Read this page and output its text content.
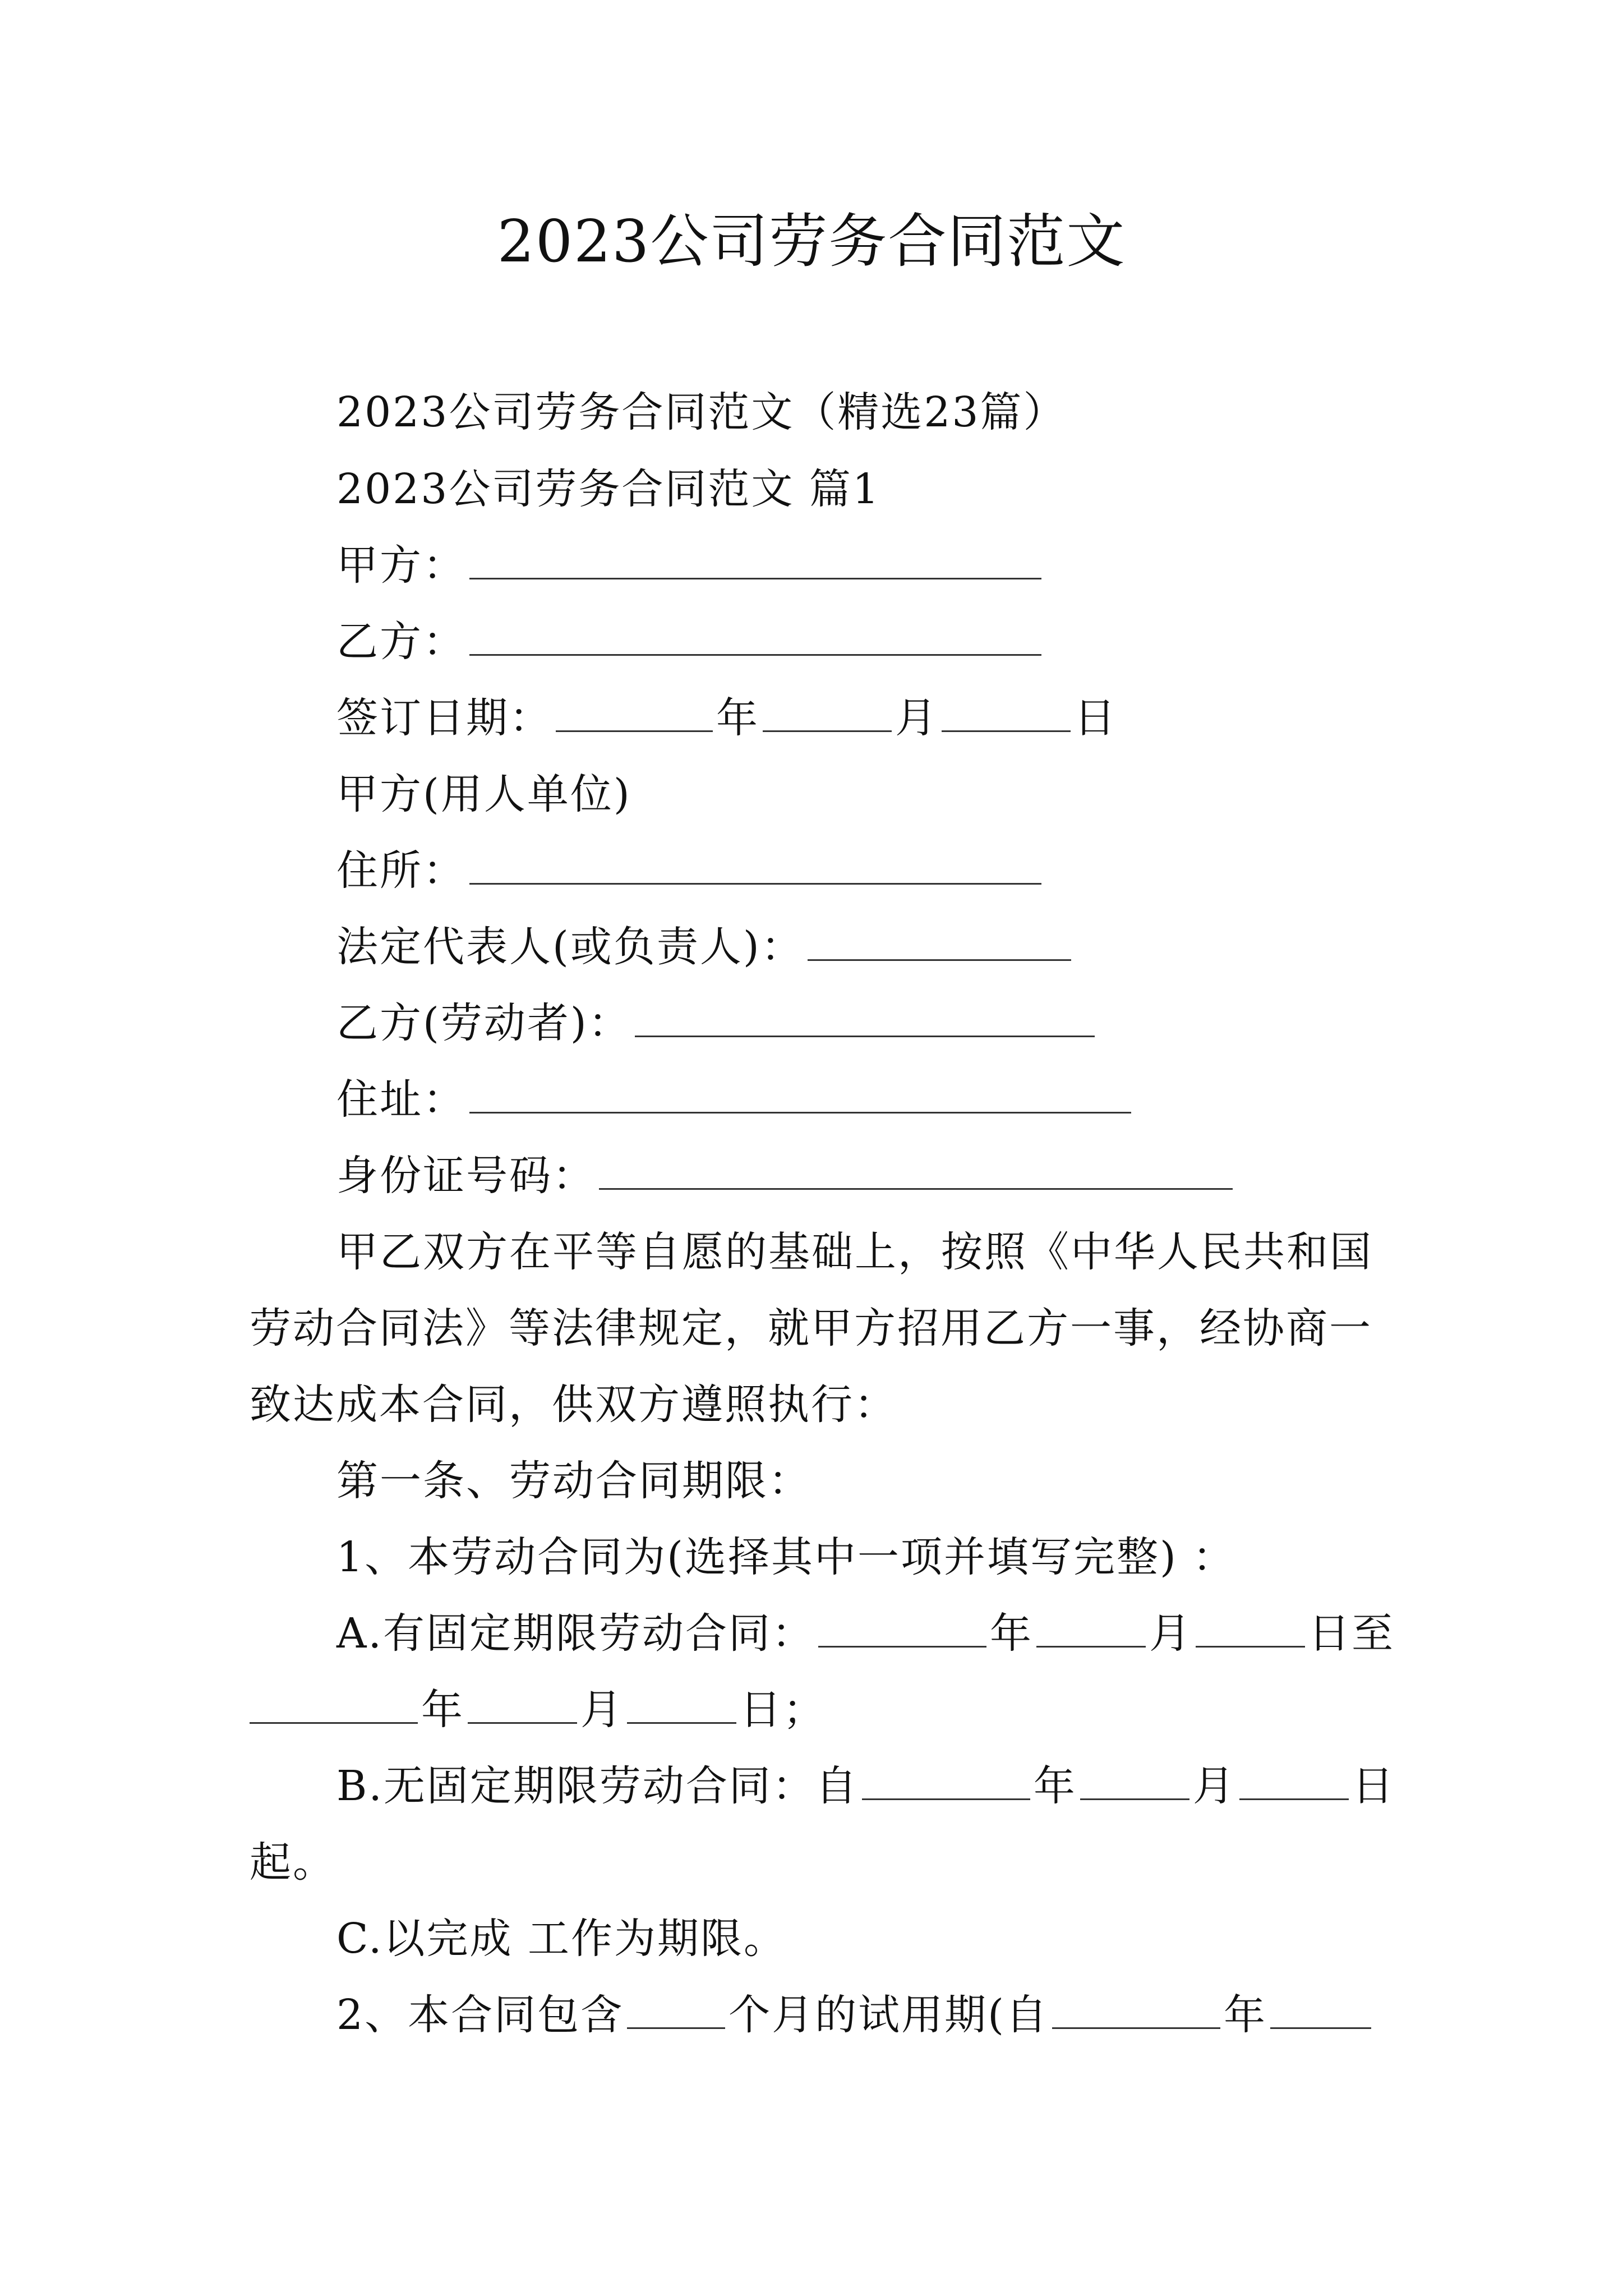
2023公司劳务合同范文
2023公司劳务合同范文（精选23篇）
2023公司劳务合同范文 篇1
甲方：
乙方：
签订日期：	年	月	日
甲方(用人单位)
住所：
法定代表人(或负责人)：
乙方(劳动者)：
住址：
身份证号码：
甲乙双方在平等自愿的基础上，按照《中华人民共和国
劳动合同法》等法律规定，就甲方招用乙方一事，经协商一
致达成本合同，供双方遵照执行：
第一条、劳动合同期限：
1、本劳动合同为(选择其中一项并填写完整) ：
A.有固定期限劳动合同：	年	月	日至
年	月	日；
B.无固定期限劳动合同：自	年	月	日
起。
C.以完成 工作为期限。
2、本合同包含	个月的试用期(自	年
